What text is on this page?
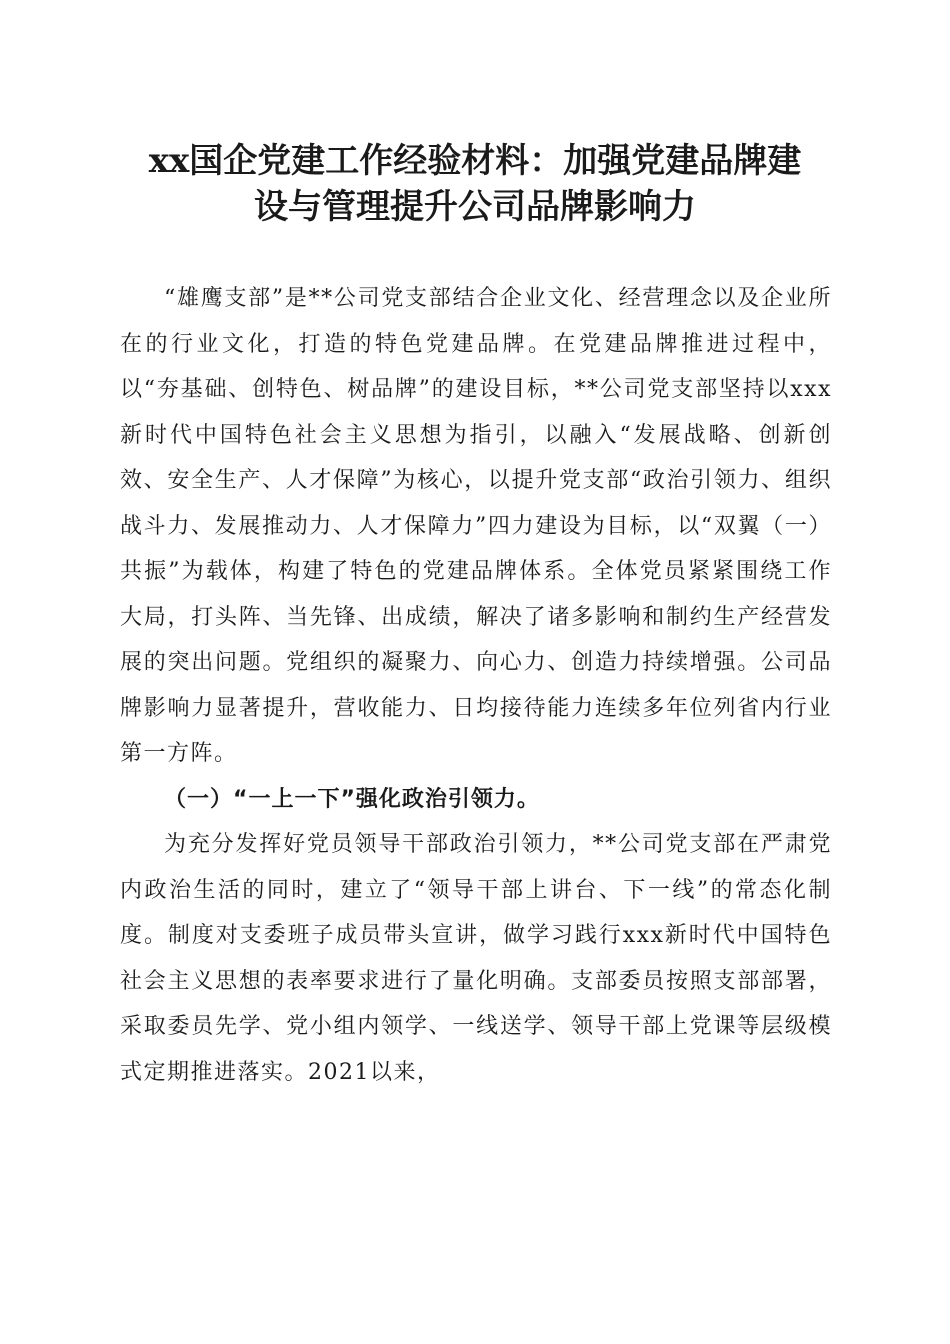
xx国企党建工作经验材料：加强党建品牌建
设与管理提升公司品牌影响力

“雄鹰支部”是**公司党支部结合企业文化、经营理念以及企业所在的行业文化，打造的特色党建品牌。在党建品牌推进过程中，以“夯基础、创特色、树品牌”的建设目标，**公司党支部坚持以xxx新时代中国特色社会主义思想为指引，以融入“发展战略、创新创效、安全生产、人才保障”为核心，以提升党支部“政治引领力、组织战斗力、发展推动力、人才保障力”四力建设为目标，以“双翼（一）共振”为载体，构建了特色的党建品牌体系。全体党员紧紧围绕工作大局，打头阵、当先锋、出成绩，解决了诸多影响和制约生产经营发展的突出问题。党组织的凝聚力、向心力、创造力持续增强。公司品牌影响力显著提升，营收能力、日均接待能力连续多年位列省内行业第一方阵。

（一）“一上一下”强化政治引领力。

为充分发挥好党员领导干部政治引领力，**公司党支部在严肃党内政治生活的同时，建立了“领导干部上讲台、下一线”的常态化制度。制度对支委班子成员带头宣讲，做学习践行xxx新时代中国特色社会主义思想的表率要求进行了量化明确。支部委员按照支部部署，采取委员先学、党小组内领学、一线送学、领导干部上党课等层级模式定期推进落实。2021以来，
